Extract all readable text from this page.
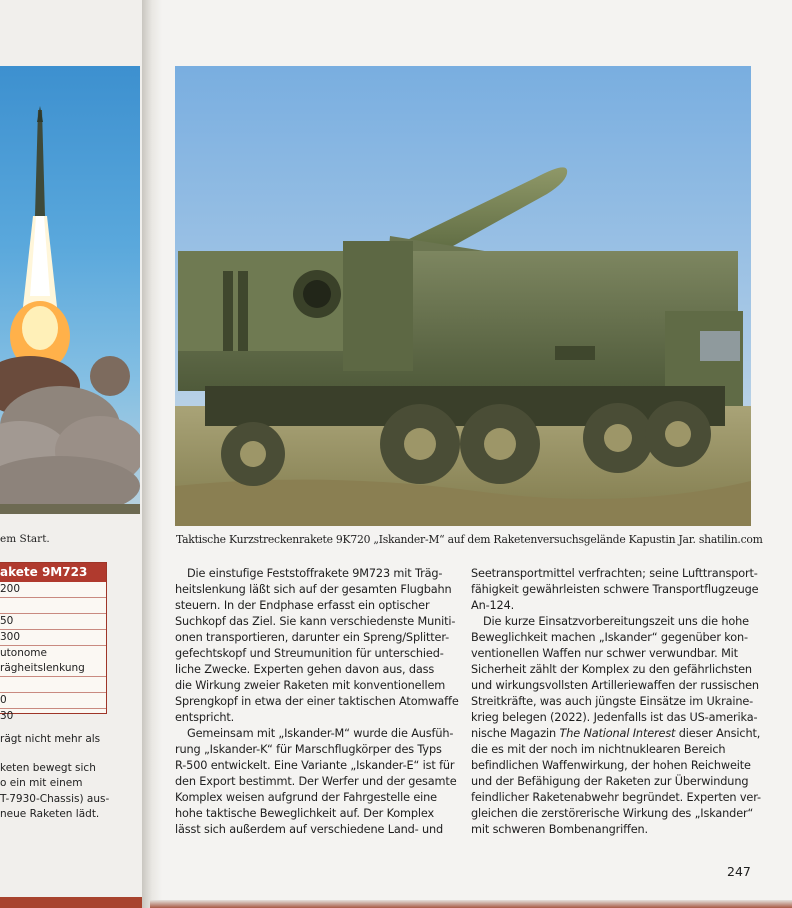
em Start.
akete 9M723
200
50
300
utonome
rägheitslenkung
0
30

rägt nicht mehr als

keten bewegt sich
o ein mit einem
T-7930-Chassis) aus-
neue Raketen lädt.

Taktische Kurzstreckenrakete 9K720 „Iskander-M“ auf dem Raketenversuchsgelände Kapustin Jar. shatilin.com

Die einstufige Feststoffrakete 9M723 mit Träg-
heitslenkung läßt sich auf der gesamten Flugbahn
steuern. In der Endphase erfasst ein optischer
Suchkopf das Ziel. Sie kann verschiedenste Muniti-
onen transportieren, darunter ein Spreng/Splitter-
gefechtskopf und Streumunition für unterschied-
liche Zwecke. Experten gehen davon aus, dass
die Wirkung zweier Raketen mit konventionellem
Sprengkopf in etwa der einer taktischen Atomwaffe
entspricht.

Gemeinsam mit „Iskander-M“ wurde die Ausfüh-
rung „Iskander-K“ für Marschflugkörper des Typs
R-500 entwickelt. Eine Variante „Iskander-E“ ist für
den Export bestimmt. Der Werfer und der gesamte
Komplex weisen aufgrund der Fahrgestelle eine
hohe taktische Beweglichkeit auf. Der Komplex
lässt sich außerdem auf verschiedene Land- und

Seetransportmittel verfrachten; seine Lufttransport-
fähigkeit gewährleisten schwere Transportflugzeuge
An-124.

Die kurze Einsatzvorbereitungszeit uns die hohe
Beweglichkeit machen „Iskander“ gegenüber kon-
ventionellen Waffen nur schwer verwundbar. Mit
Sicherheit zählt der Komplex zu den gefährlichsten
und wirkungsvollsten Artilleriewaffen der russischen
Streitkräfte, was auch jüngste Einsätze im Ukraine-
krieg belegen (2022). Jedenfalls ist das US-amerika-
nische Magazin The National Interest dieser Ansicht,
die es mit der noch im nichtnuklearen Bereich
befindlichen Waffenwirkung, der hohen Reichweite
und der Befähigung der Raketen zur Überwindung
feindlicher Raketenabwehr begründet. Experten ver-
gleichen die zerstörerische Wirkung des „Iskander“
mit schweren Bombenangriffen.

247
